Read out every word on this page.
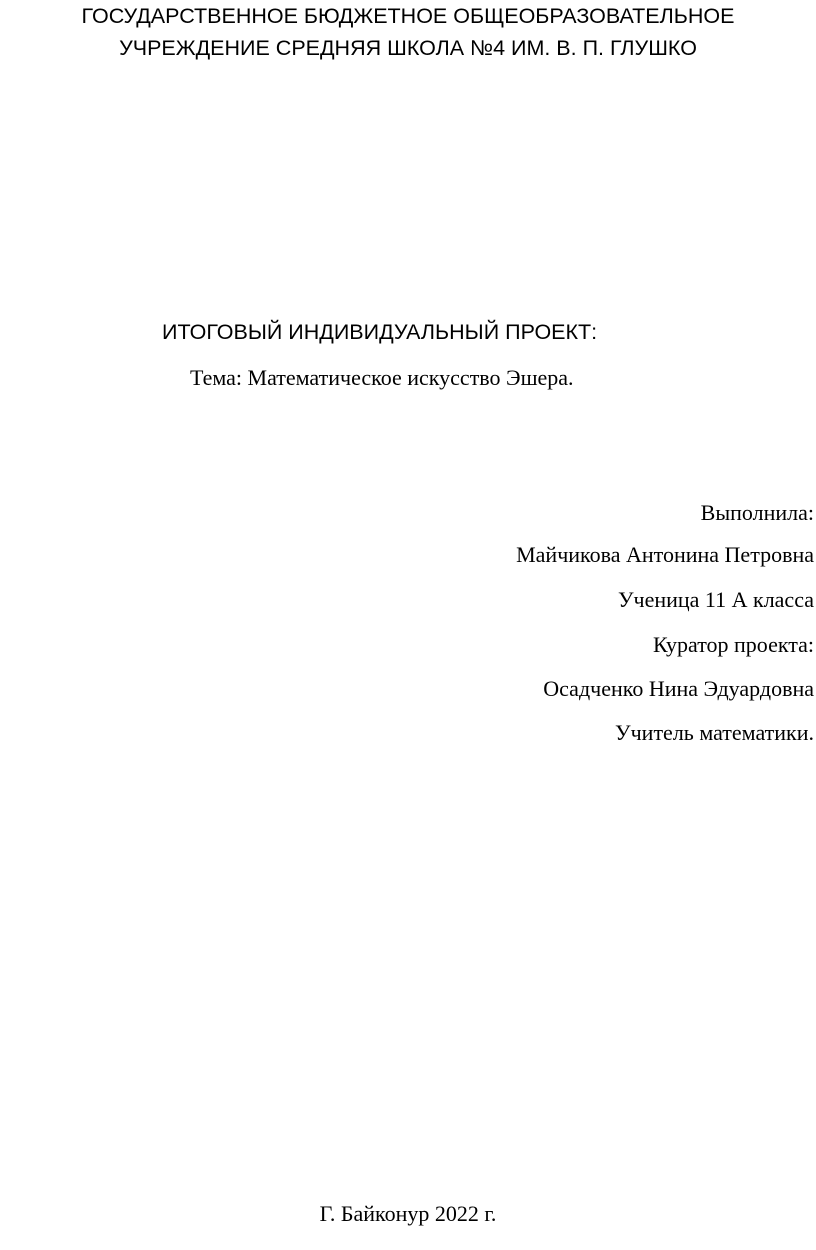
ГОСУДАРСТВЕННОЕ БЮДЖЕТНОЕ ОБЩЕОБРАЗОВАТЕЛЬНОЕ

УЧРЕЖДЕНИЕ СРЕДНЯЯ ШКОЛА №4 ИМ. В. П. ГЛУШКО

ИТОГОВЫЙ ИНДИВИДУАЛЬНЫЙ ПРОЕКТ:

Тема: Математическое искусство Эшера.

Выполнила:

Майчикова Антонина Петровна

Ученица 11 А класса

Куратор проекта:

Осадченко Нина Эдуардовна

Учитель математики.

Г. Байконур 2022 г.
